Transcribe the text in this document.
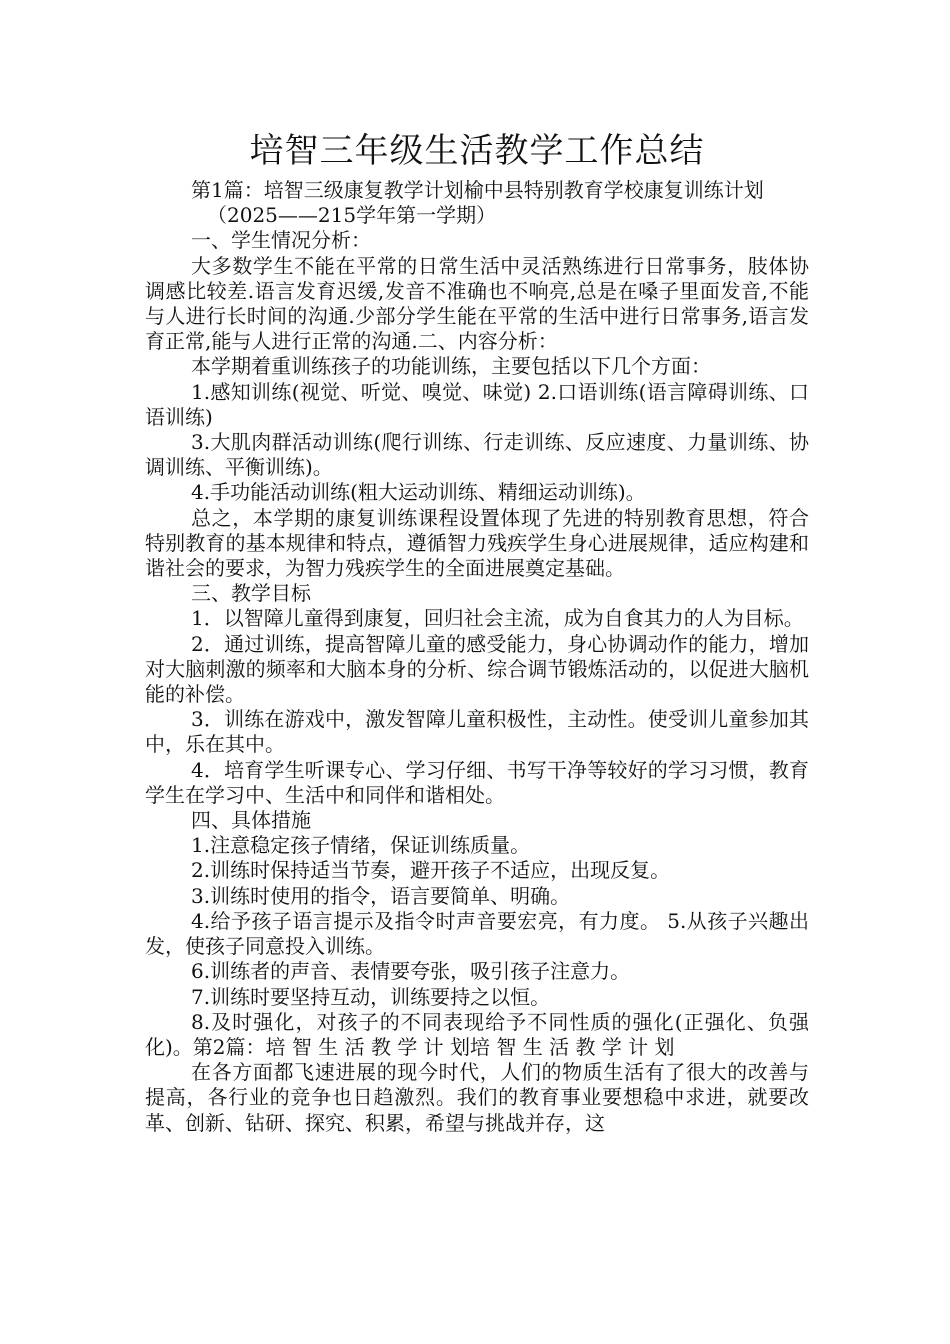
培智三年级生活教学工作总结

第1篇：培智三级康复教学计划榆中县特别教育学校康复训练计划

（2025——215学年第一学期）

一、学生情况分析：

大多数学生不能在平常的日常生活中灵活熟练进行日常事务，肢体协调感比较差.语言发育迟缓,发音不准确也不响亮,总是在嗓子里面发音,不能与人进行长时间的沟通.少部分学生能在平常的生活中进行日常事务,语言发育正常,能与人进行正常的沟通.二、内容分析：

本学期着重训练孩子的功能训练，主要包括以下几个方面：

1.感知训练(视觉、听觉、嗅觉、味觉) 2.口语训练(语言障碍训练、口语训练)

3.大肌肉群活动训练(爬行训练、行走训练、反应速度、力量训练、协调训练、平衡训练)。

4.手功能活动训练(粗大运动训练、精细运动训练)。

总之，本学期的康复训练课程设置体现了先进的特别教育思想，符合特别教育的基本规律和特点，遵循智力残疾学生身心进展规律，适应构建和谐社会的要求，为智力残疾学生的全面进展奠定基础。

三、教学目标

1．以智障儿童得到康复，回归社会主流，成为自食其力的人为目标。

2．通过训练，提高智障儿童的感受能力，身心协调动作的能力，增加对大脑刺激的频率和大脑本身的分析、综合调节锻炼活动的，以促进大脑机能的补偿。

3．训练在游戏中，激发智障儿童积极性，主动性。使受训儿童参加其中，乐在其中。

4．培育学生听课专心、学习仔细、书写干净等较好的学习习惯，教育学生在学习中、生活中和同伴和谐相处。

四、具体措施

1.注意稳定孩子情绪，保证训练质量。

2.训练时保持适当节奏，避开孩子不适应，出现反复。

3.训练时使用的指令，语言要简单、明确。

4.给予孩子语言提示及指令时声音要宏亮，有力度。 5.从孩子兴趣出发，使孩子同意投入训练。

6.训练者的声音、表情要夸张，吸引孩子注意力。

7.训练时要坚持互动，训练要持之以恒。

8.及时强化，对孩子的不同表现给予不同性质的强化(正强化、负强化)。第2篇：培 智 生 活 教 学 计 划培 智 生 活 教 学 计 划

在各方面都飞速进展的现今时代，人们的物质生活有了很大的改善与提高，各行业的竞争也日趋激烈。我们的教育事业要想稳中求进，就要改革、创新、钻研、探究、积累，希望与挑战并存，这
